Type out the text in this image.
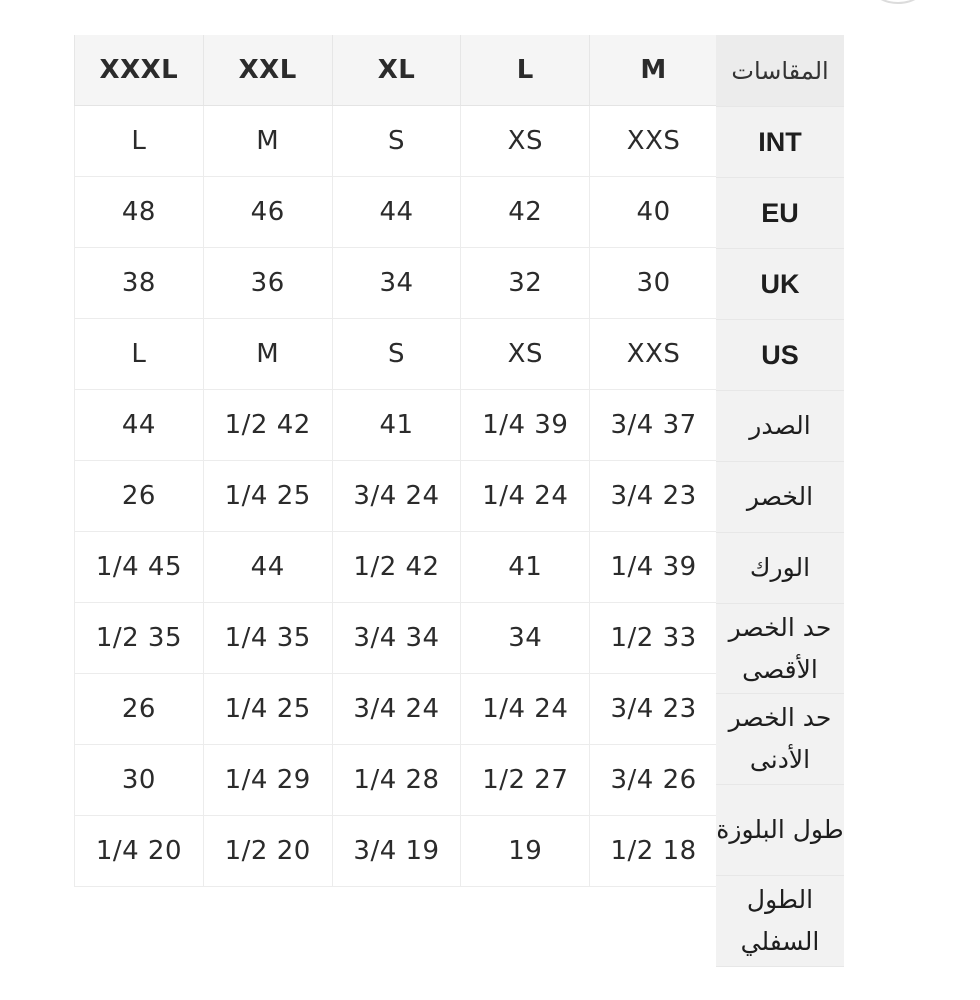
M
L
XL
XXL
XXXL
XXS
XS
S
M
L
40
42
44
46
48
30
32
34
36
38
XXS
XS
S
M
L
3/4 37
1/4 39
41
1/2 42
44
3/4 23
1/4 24
3/4 24
1/4 25
26
1/4 39
41
1/2 42
44
1/4 45
1/2 33
34
3/4 34
1/4 35
1/2 35
3/4 23
1/4 24
3/4 24
1/4 25
26
3/4 26
1/2 27
1/4 28
1/4 29
30
1/2 18
19
3/4 19
1/2 20
1/4 20
المقاسات
INT
EU
UK
US
الصدر
الخصر
الورك
حد الخصر الأقصى
حد الخصر الأدنى
طول البلوزة
الطول السفلي
